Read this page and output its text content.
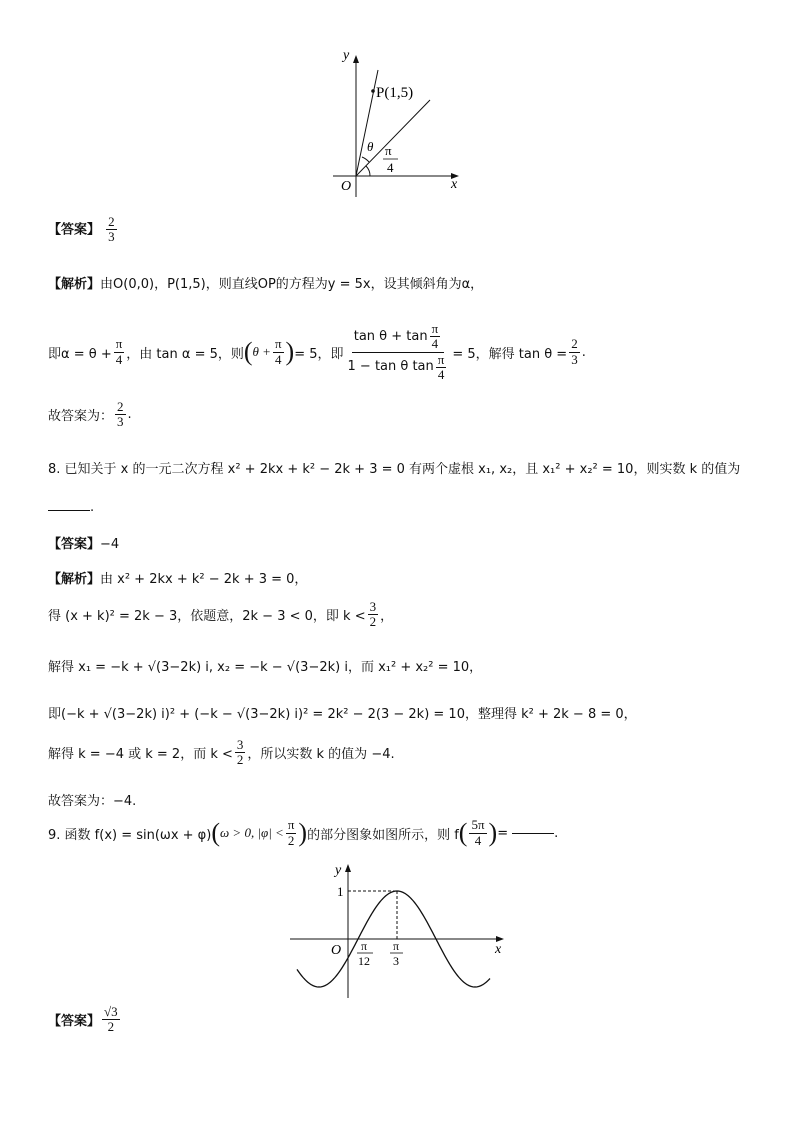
y
x
O
P(1,5)
θ π
4
【答案】 $\frac{2}{3}$
【解析】由O(0,0)，P(1,5)，则直线OP的方程为y = 5x，设其倾斜角为α，
即$\alpha = \theta + \frac{\pi}{4}$ ，由 tan α = 5，则 ( $\theta + \frac{\pi}{4}$ ) = 5，即 $\frac{\tan \theta + \tan \frac{\pi}{4}}{1 - \tan \theta \tan \frac{\pi}{4}} = 5$，解得 $\tan \theta = \frac{2}{3}$ .
故答案为： $\frac{2}{3}$ .
8. 已知关于 x 的一元二次方程 x² + 2kx + k² − 2k + 3 = 0 有两个虚根 x₁, x₂，且 x₁² + x₂² = 10，则实数 k 的值为
.
【答案】−4
【解析】由 x² + 2kx + k² − 2k + 3 = 0，
得 (x + k)² = 2k − 3，依题意，2k − 3 < 0，即 $k < \frac{3}{2}$ ，
解得 x₁ = −k + √(3−2k) i, x₂ = −k − √(3−2k) i，而 x₁² + x₂² = 10，
即(−k + √(3−2k) i)² + (−k − √(3−2k) i)² = 2k² − 2(3 − 2k) = 10，整理得 k² + 2k − 8 = 0，
解得 k = −4 或 k = 2，而 $k < \frac{3}{2}$ ，所以实数 k 的值为 −4.
故答案为：−4.
9. 函数 f(x) = sin(ωx + φ) ( ω > 0, $|\varphi| < \frac{\pi}{2}$ ) 的部分图象如图所示，则 f ( $\frac{5\pi}{4}$ ) =	.
y
x
O
1
π
12
π
3
【答案】 $\frac{√3}{2}$
